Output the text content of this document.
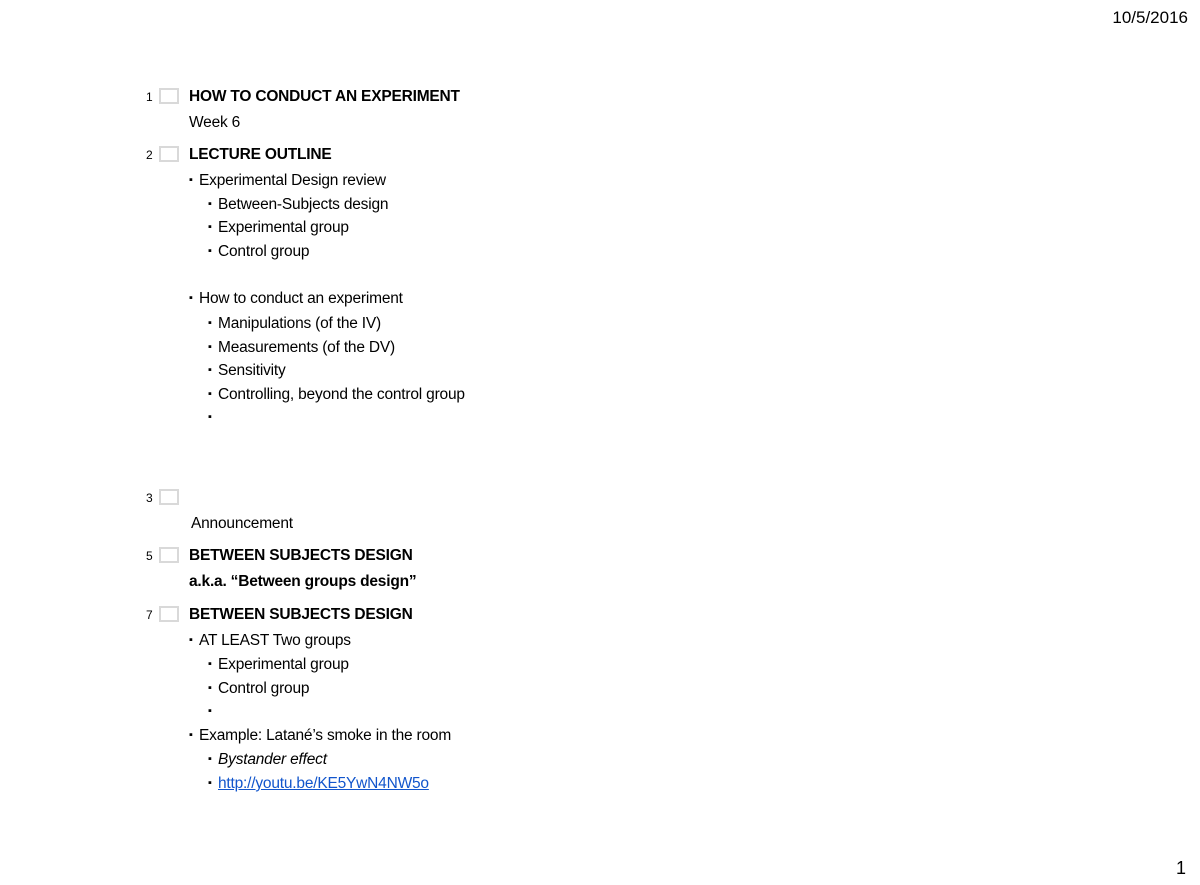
10/5/2016
1	HOW TO CONDUCT AN EXPERIMENT
Week 6
2	LECTURE OUTLINE
▪ Experimental Design review
▪ Between-Subjects design
▪ Experimental group
▪ Control group
▪ How to conduct an experiment
▪ Manipulations (of the IV)
▪ Measurements (of the DV)
▪ Sensitivity
▪ Controlling, beyond the control group
▪
3
Announcement
5	BETWEEN SUBJECTS DESIGN
a.k.a. “Between groups design”
7	BETWEEN SUBJECTS DESIGN
▪ AT LEAST Two groups
▪ Experimental group
▪ Control group
▪
▪ Example: Latané’s smoke in the room
▪ Bystander effect
▪ http://youtu.be/KE5YwN4NW5o
1
